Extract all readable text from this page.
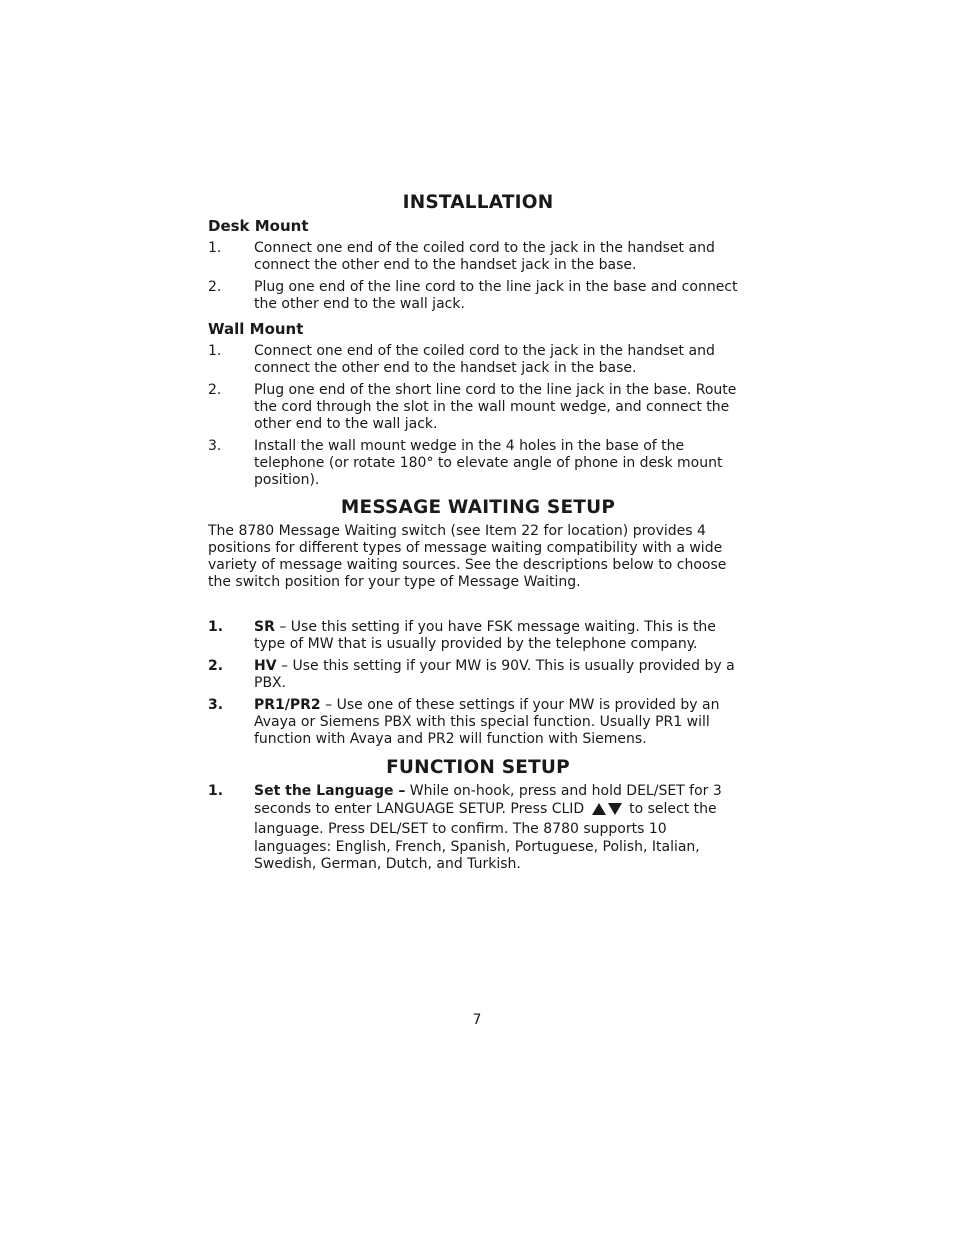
INSTALLATION
Desk Mount
1. Connect one end of the coiled cord to the jack in the handset and connect the other end to the handset jack in the base.
2. Plug one end of the line cord to the line jack in the base and connect the other end to the wall jack.
Wall Mount
1. Connect one end of the coiled cord to the jack in the handset and connect the other end to the handset jack in the base.
2. Plug one end of the short line cord to the line jack in the base. Route the cord through the slot in the wall mount wedge, and connect the other end to the wall jack.
3. Install the wall mount wedge in the 4 holes in the base of the telephone (or rotate 180° to elevate angle of phone in desk mount position).
MESSAGE WAITING SETUP

The 8780 Message Waiting switch (see Item 22 for location) provides 4 positions for different types of message waiting compatibility with a wide variety of message waiting sources. See the descriptions below to choose the switch position for your type of Message Waiting.

1. SR – Use this setting if you have FSK message waiting. This is the type of MW that is usually provided by the telephone company.
2. HV – Use this setting if your MW is 90V. This is usually provided by a PBX.
3. PR1/PR2 – Use one of these settings if your MW is provided by an Avaya or Siemens PBX with this special function. Usually PR1 will function with Avaya and PR2 will function with Siemens.
FUNCTION SETUP
1. Set the Language – While on-hook, press and hold DEL/SET for 3 seconds to enter LANGUAGE SETUP. Press CLID	to select the language. Press DEL/SET to confirm. The 8780 supports 10 languages: English, French, Spanish, Portuguese, Polish, Italian, Swedish, German, Dutch, and Turkish.
7
